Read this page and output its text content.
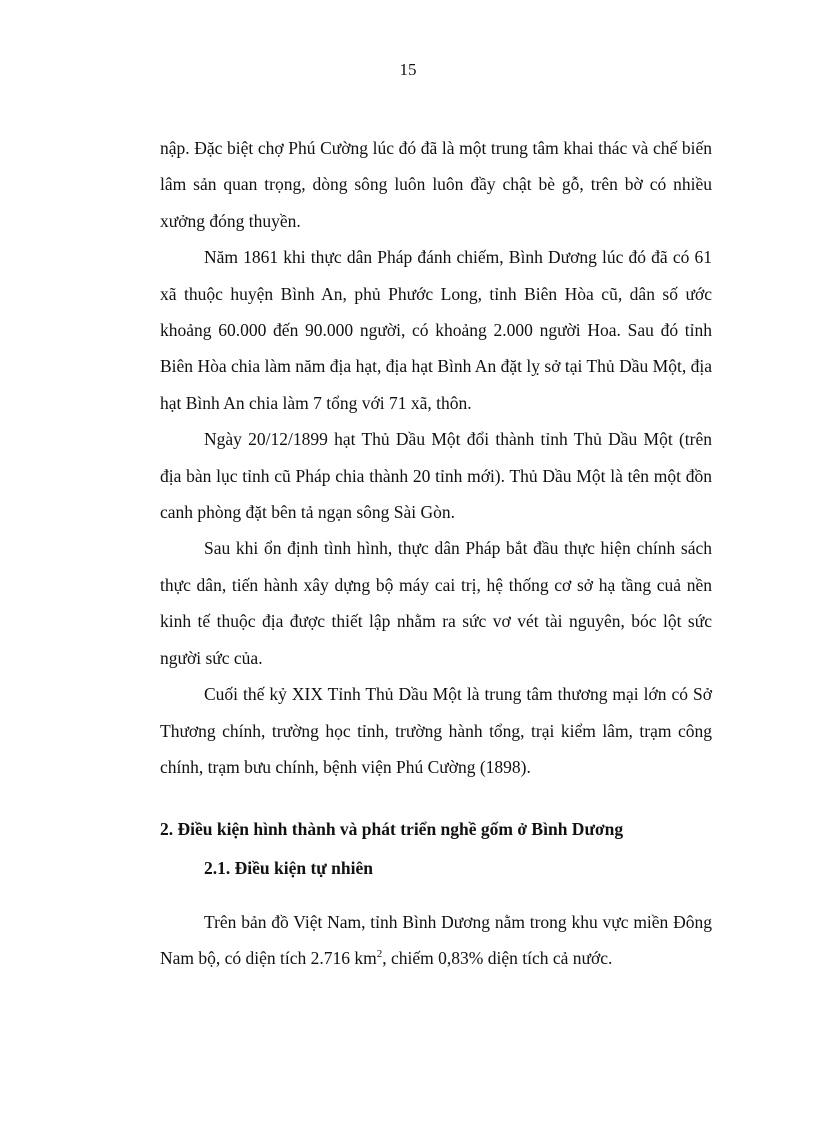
15

nập. Đặc biệt chợ Phú Cường lúc đó đã là một trung tâm khai thác và chế biến lâm sản quan trọng, dòng sông luôn luôn đầy chật bè gỗ, trên bờ có nhiều xưởng đóng thuyền.

Năm 1861 khi thực dân Pháp đánh chiếm, Bình Dương lúc đó đã có 61 xã thuộc huyện Bình An, phủ Phước Long, tỉnh Biên Hòa cũ, dân số ước khoảng 60.000 đến 90.000 người, có khoảng 2.000 người Hoa. Sau đó tỉnh Biên Hòa chia làm năm địa hạt, địa hạt Bình An đặt lỵ sở tại Thủ Dầu Một, địa hạt Bình An chia làm 7 tổng với 71 xã, thôn.

Ngày 20/12/1899 hạt Thủ Dầu Một đổi thành tỉnh Thủ Dầu Một (trên địa bàn lục tỉnh cũ Pháp chia thành 20 tỉnh mới). Thủ Dầu Một là tên một đồn canh phòng đặt bên tả ngạn sông Sài Gòn.

Sau khi ổn định tình hình, thực dân Pháp bắt đầu thực hiện chính sách thực dân, tiến hành xây dựng bộ máy cai trị, hệ thống cơ sở hạ tầng cuả nền kinh tế thuộc địa được thiết lập nhằm ra sức vơ vét tài nguyên, bóc lột sức người sức của.

Cuối thế kỷ XIX Tỉnh Thủ Dầu Một là trung tâm thương mại lớn có Sở Thương chính, trường học tỉnh, trường hành tổng, trại kiểm lâm, trạm công chính, trạm bưu chính, bệnh viện Phú Cường (1898).

2. Điều kiện hình thành và phát triển nghề gốm ở Bình Dương

2.1. Điều kiện tự nhiên

Trên bản đồ Việt Nam, tỉnh Bình Dương nằm trong khu vực miền Đông Nam bộ, có diện tích 2.716 $km^2$, chiếm 0,83% diện tích cả nước.
